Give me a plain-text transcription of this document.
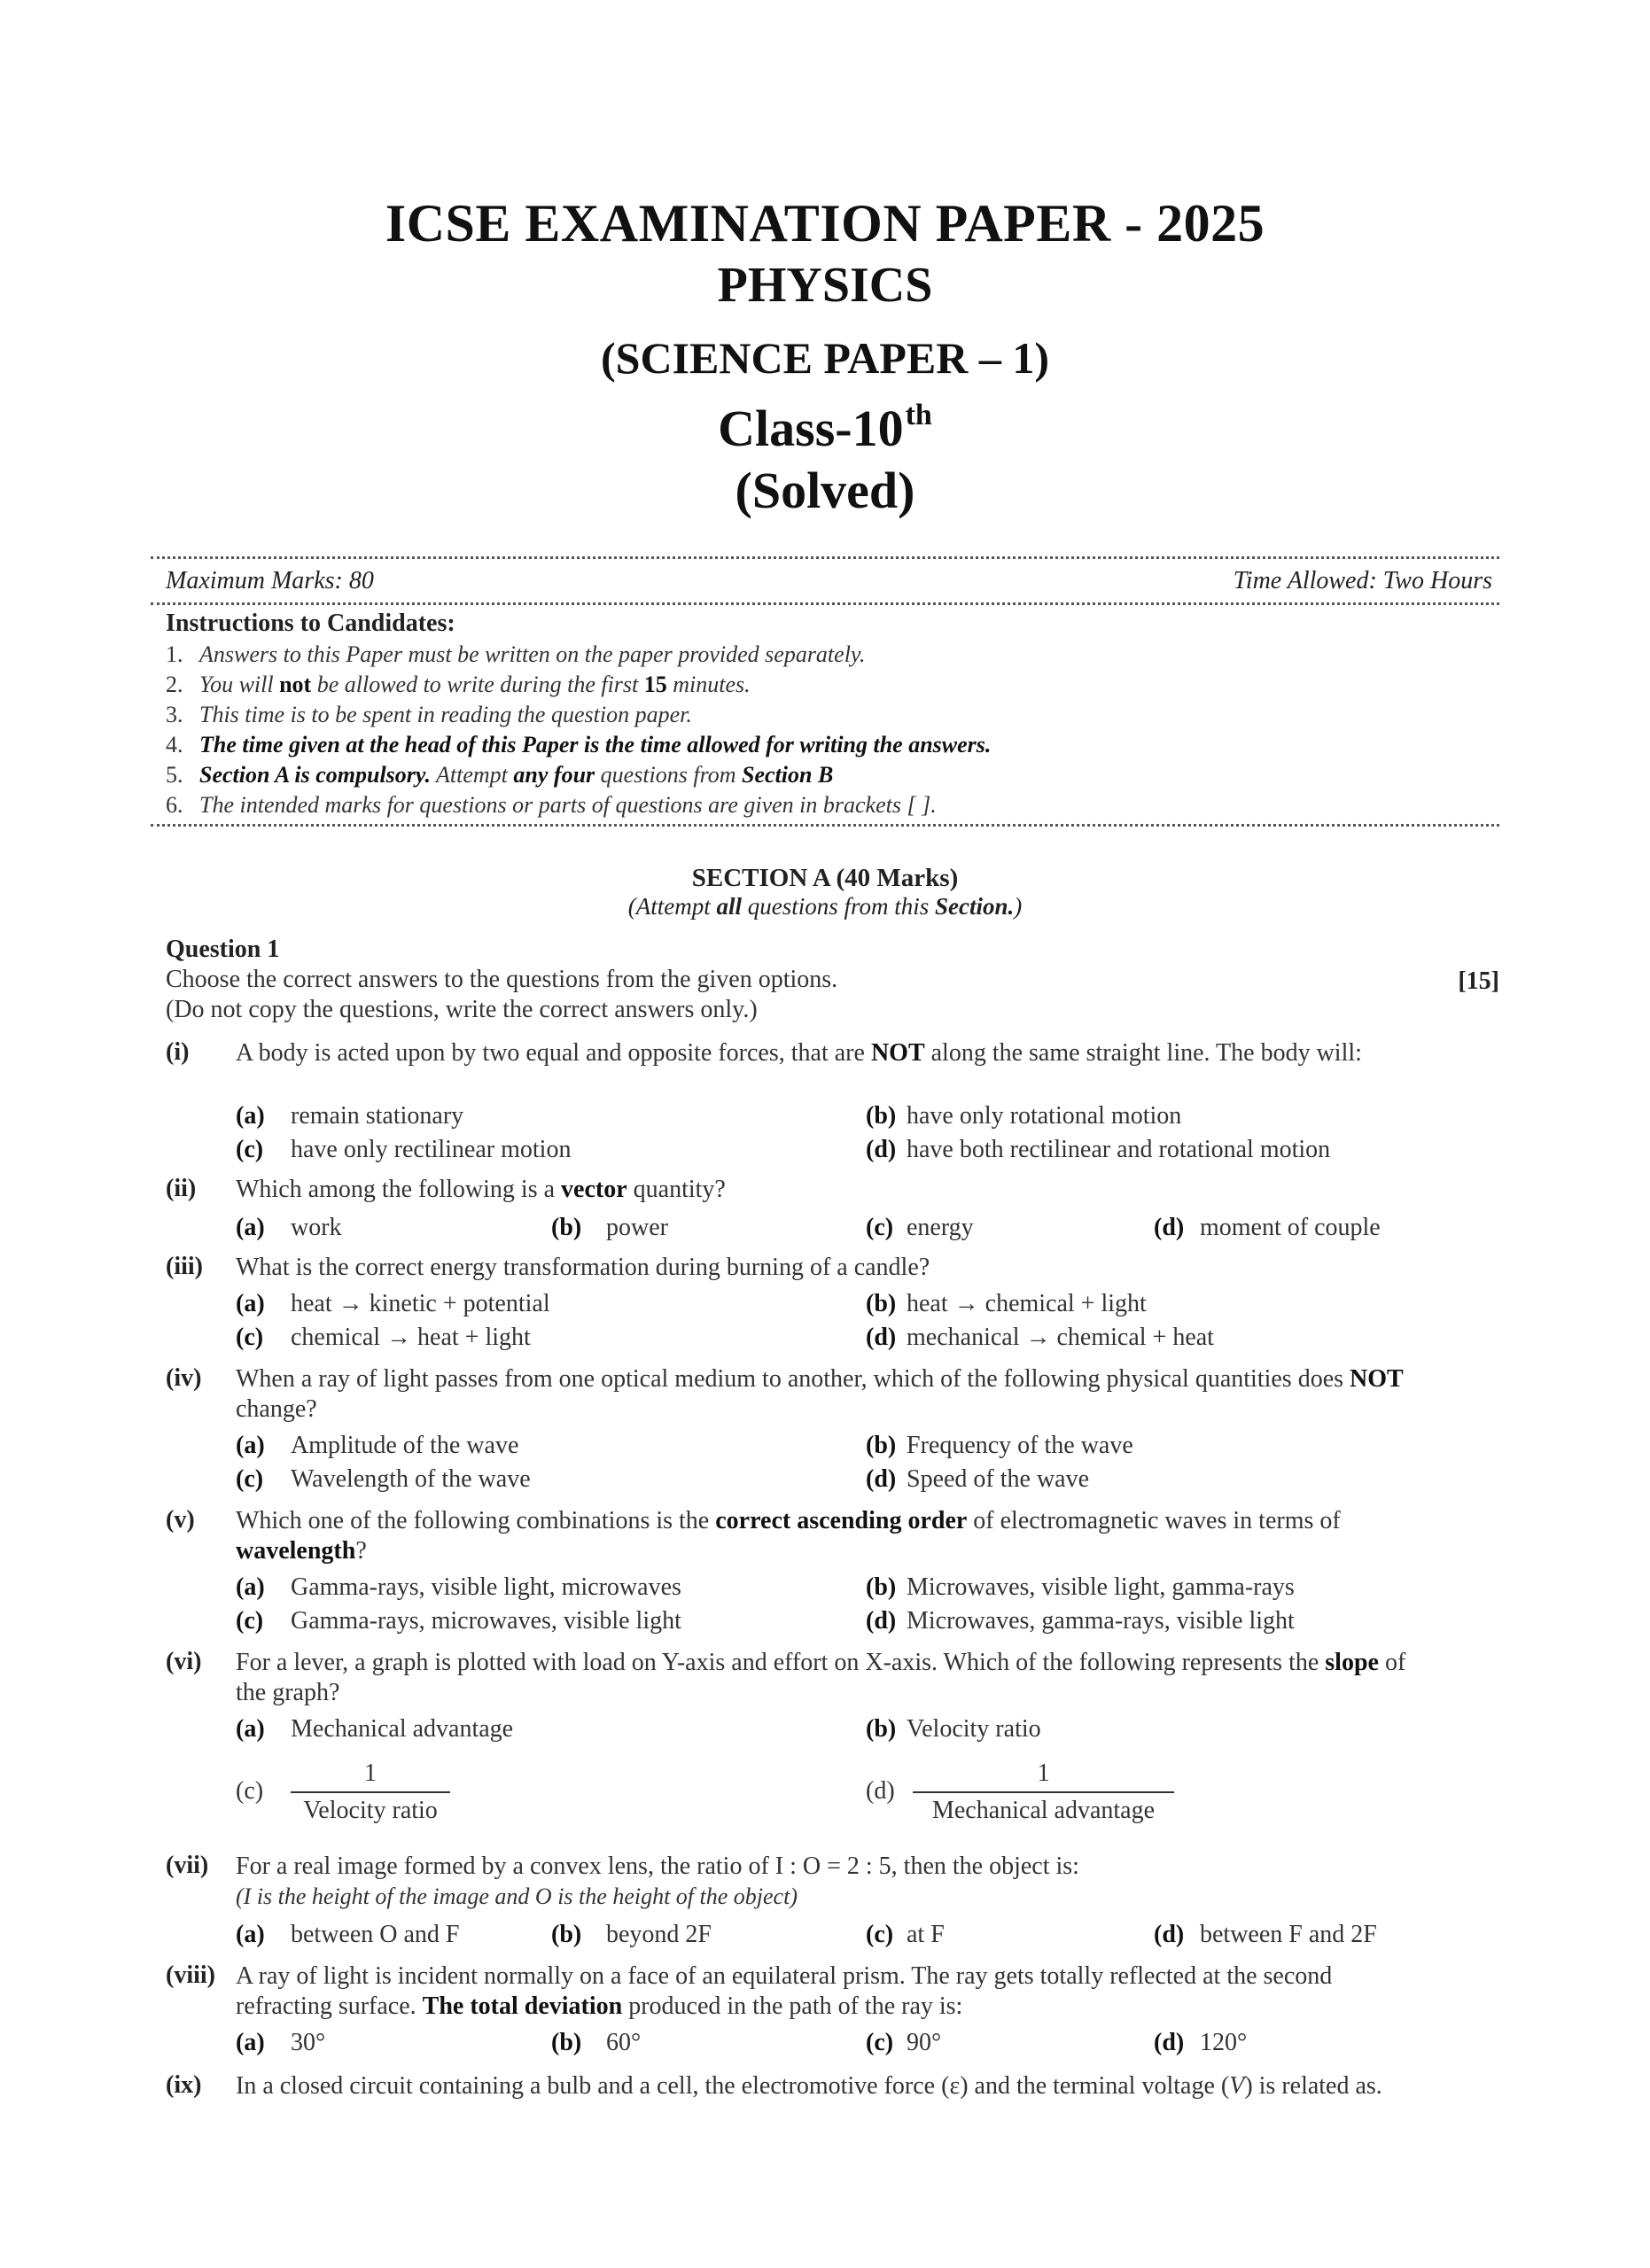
ICSE EXAMINATION PAPER - 2025
PHYSICS
(SCIENCE PAPER – 1)
Class-10th
(Solved)
Maximum Marks: 80	Time Allowed: Two Hours
Instructions to Candidates:
1. Answers to this Paper must be written on the paper provided separately.
2. You will not be allowed to write during the first 15 minutes.
3. This time is to be spent in reading the question paper.
4. The time given at the head of this Paper is the time allowed for writing the answers.
5. Section A is compulsory. Attempt any four questions from Section B
6. The intended marks for questions or parts of questions are given in brackets [ ].
SECTION A (40 Marks)
(Attempt all questions from this Section.)
Question 1
Choose the correct answers to the questions from the given options.
(Do not copy the questions, write the correct answers only.)
[15]
(i) A body is acted upon by two equal and opposite forces, that are NOT along the same straight line. The body will:
(a) remain stationary	(b) have only rotational motion
(c) have only rectilinear motion	(d) have both rectilinear and rotational motion
(ii) Which among the following is a vector quantity?
(a) work	(b) power	(c) energy	(d) moment of couple
(iii) What is the correct energy transformation during burning of a candle?
(a) heat → kinetic + potential	(b) heat → chemical + light
(c) chemical → heat + light	(d) mechanical → chemical + heat
(iv) When a ray of light passes from one optical medium to another, which of the following physical quantities does NOT change?
(a) Amplitude of the wave	(b) Frequency of the wave
(c) Wavelength of the wave	(d) Speed of the wave
(v) Which one of the following combinations is the correct ascending order of electromagnetic waves in terms of wavelength?
(a) Gamma-rays, visible light, microwaves	(b) Microwaves, visible light, gamma-rays
(c) Gamma-rays, microwaves, visible light	(d) Microwaves, gamma-rays, visible light
(vi) For a lever, a graph is plotted with load on Y-axis and effort on X-axis. Which of the following represents the slope of the graph?
(a) Mechanical advantage	(b) Velocity ratio
(c)
1
Velocity ratio
(d)
1
Mechanical advantage
(vii) For a real image formed by a convex lens, the ratio of I : O = 2 : 5, then the object is:
(I is the height of the image and O is the height of the object)
(a) between O and F	(b) beyond 2F	(c) at F	(d) between F and 2F
(viii) A ray of light is incident normally on a face of an equilateral prism. The ray gets totally reflected at the second refracting surface. The total deviation produced in the path of the ray is:
(a) 30°	(b) 60°	(c) 90°	(d) 120°
(ix) In a closed circuit containing a bulb and a cell, the electromotive force (ε) and the terminal voltage (V) is related as.
